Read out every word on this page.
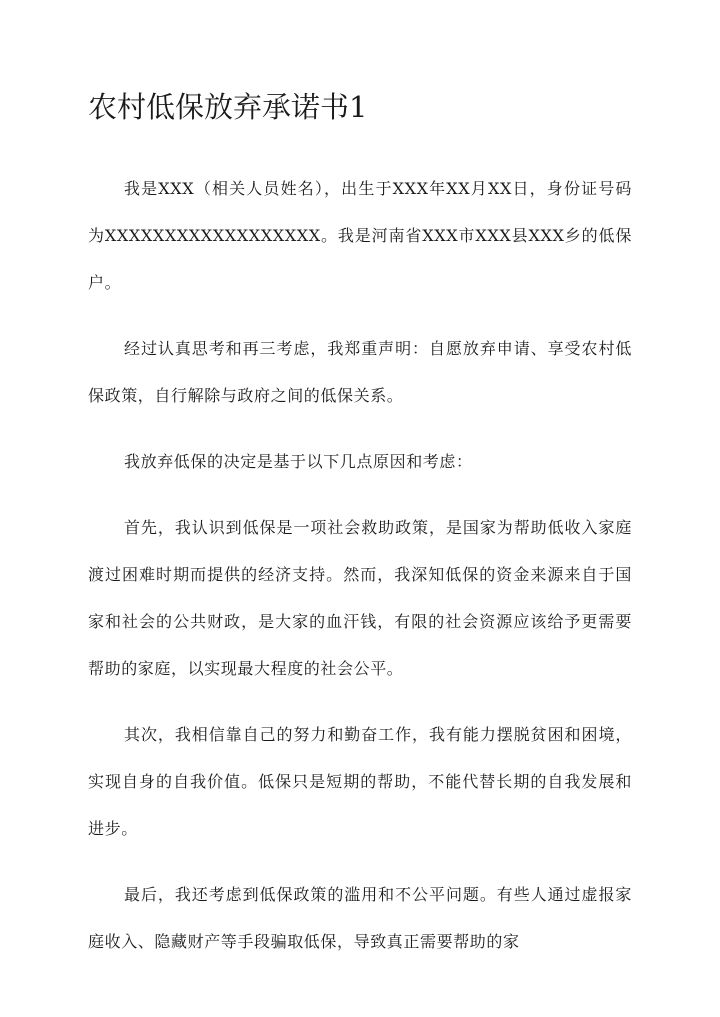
农村低保放弃承诺书1

我是XXX（相关人员姓名），出生于XXX年XX月XX日，身份证号码为XXXXXXXXXXXXXXXXXX。我是河南省XXX市XXX县XXX乡的低保户。

经过认真思考和再三考虑，我郑重声明：自愿放弃申请、享受农村低保政策，自行解除与政府之间的低保关系。

我放弃低保的决定是基于以下几点原因和考虑：

首先，我认识到低保是一项社会救助政策，是国家为帮助低收入家庭渡过困难时期而提供的经济支持。然而，我深知低保的资金来源来自于国家和社会的公共财政，是大家的血汗钱，有限的社会资源应该给予更需要帮助的家庭，以实现最大程度的社会公平。

其次，我相信靠自己的努力和勤奋工作，我有能力摆脱贫困和困境，实现自身的自我价值。低保只是短期的帮助，不能代替长期的自我发展和进步。

最后，我还考虑到低保政策的滥用和不公平问题。有些人通过虚报家庭收入、隐藏财产等手段骗取低保，导致真正需要帮助的家
